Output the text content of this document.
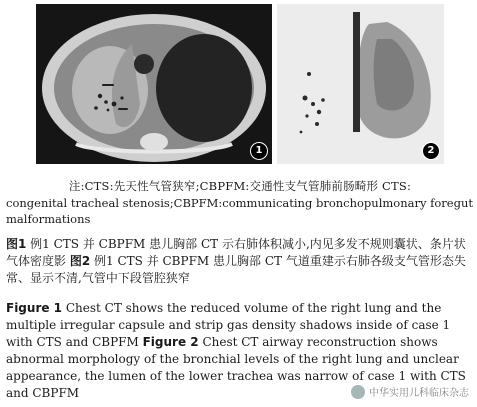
1	2
注:CTS:先天性气管狭窄;CBPFM:交通性支气管肺前肠畸形 CTS:
congenital tracheal stenosis;CBPFM:communicating bronchopulmonary foregut malformations
图1 例1 CTS 并 CBPFM 患儿胸部 CT 示右肺体积减小,内见多发不规则囊状、条片状气体密度影 图2 例1 CTS 并 CBPFM 患儿胸部 CT 气道重建示右肺各级支气管形态失常、显示不清,气管中下段管腔狭窄
Figure 1 Chest CT shows the reduced volume of the right lung and the multiple irregular capsule and strip gas density shadows inside of case 1 with CTS and CBPFM Figure 2 Chest CT airway reconstruction shows abnormal morphology of the bronchial levels of the right lung and unclear appearance, the lumen of the lower trachea was narrow of case 1 with CTS and CBPFM	中华实用儿科临床杂志
